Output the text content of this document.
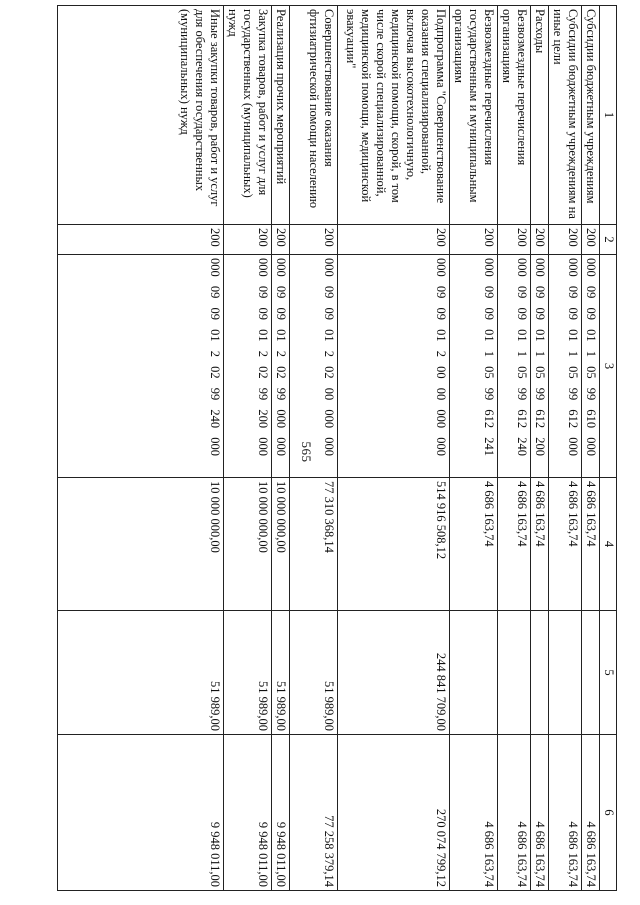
565
1	2	3	4	5	6
Субсидии бюджетным учреждениям	200	000 09 09 01 1 05 99 610 000	4 686 163,74		4 686 163,74
Субсидии бюджетным учреждениям на иные цели	200	000 09 09 01 1 05 99 612 000	4 686 163,74		4 686 163,74
Расходы	200	000 09 09 01 1 05 99 612 200	4 686 163,74		4 686 163,74
Безвозмездные перечисления организациям	200	000 09 09 01 1 05 99 612 240	4 686 163,74		4 686 163,74
Безвозмездные перечисления государственным и муниципальным организациям	200	000 09 09 01 1 05 99 612 241	4 686 163,74		4 686 163,74
Подпрограмма "Совершенствование оказания специализированной, включая высокотехнологичную, медицинской помощи, скорой, в том числе скорой специализированной, медицинской помощи, медицинской эвакуации"	200	000 09 09 01 2 00 00 000 000	514 916 508,12	244 841 709,00	270 074 799,12
Совершенствование оказания фтизиатрической помощи населению	200	000 09 09 01 2 02 00 000 000	77 310 368,14	51 989,00	77 258 379,14
Реализация прочих мероприятий	200	000 09 09 01 2 02 99 000 000	10 000 000,00	51 989,00	9 948 011,00
Закупка товаров, работ и услуг для государственных (муниципальных) нужд	200	000 09 09 01 2 02 99 200 000	10 000 000,00	51 989,00	9 948 011,00
Иные закупки товаров, работ и услуг для обеспечения государственных (муниципальных) нужд	200	000 09 09 01 2 02 99 240 000	10 000 000,00	51 989,00	9 948 011,00
